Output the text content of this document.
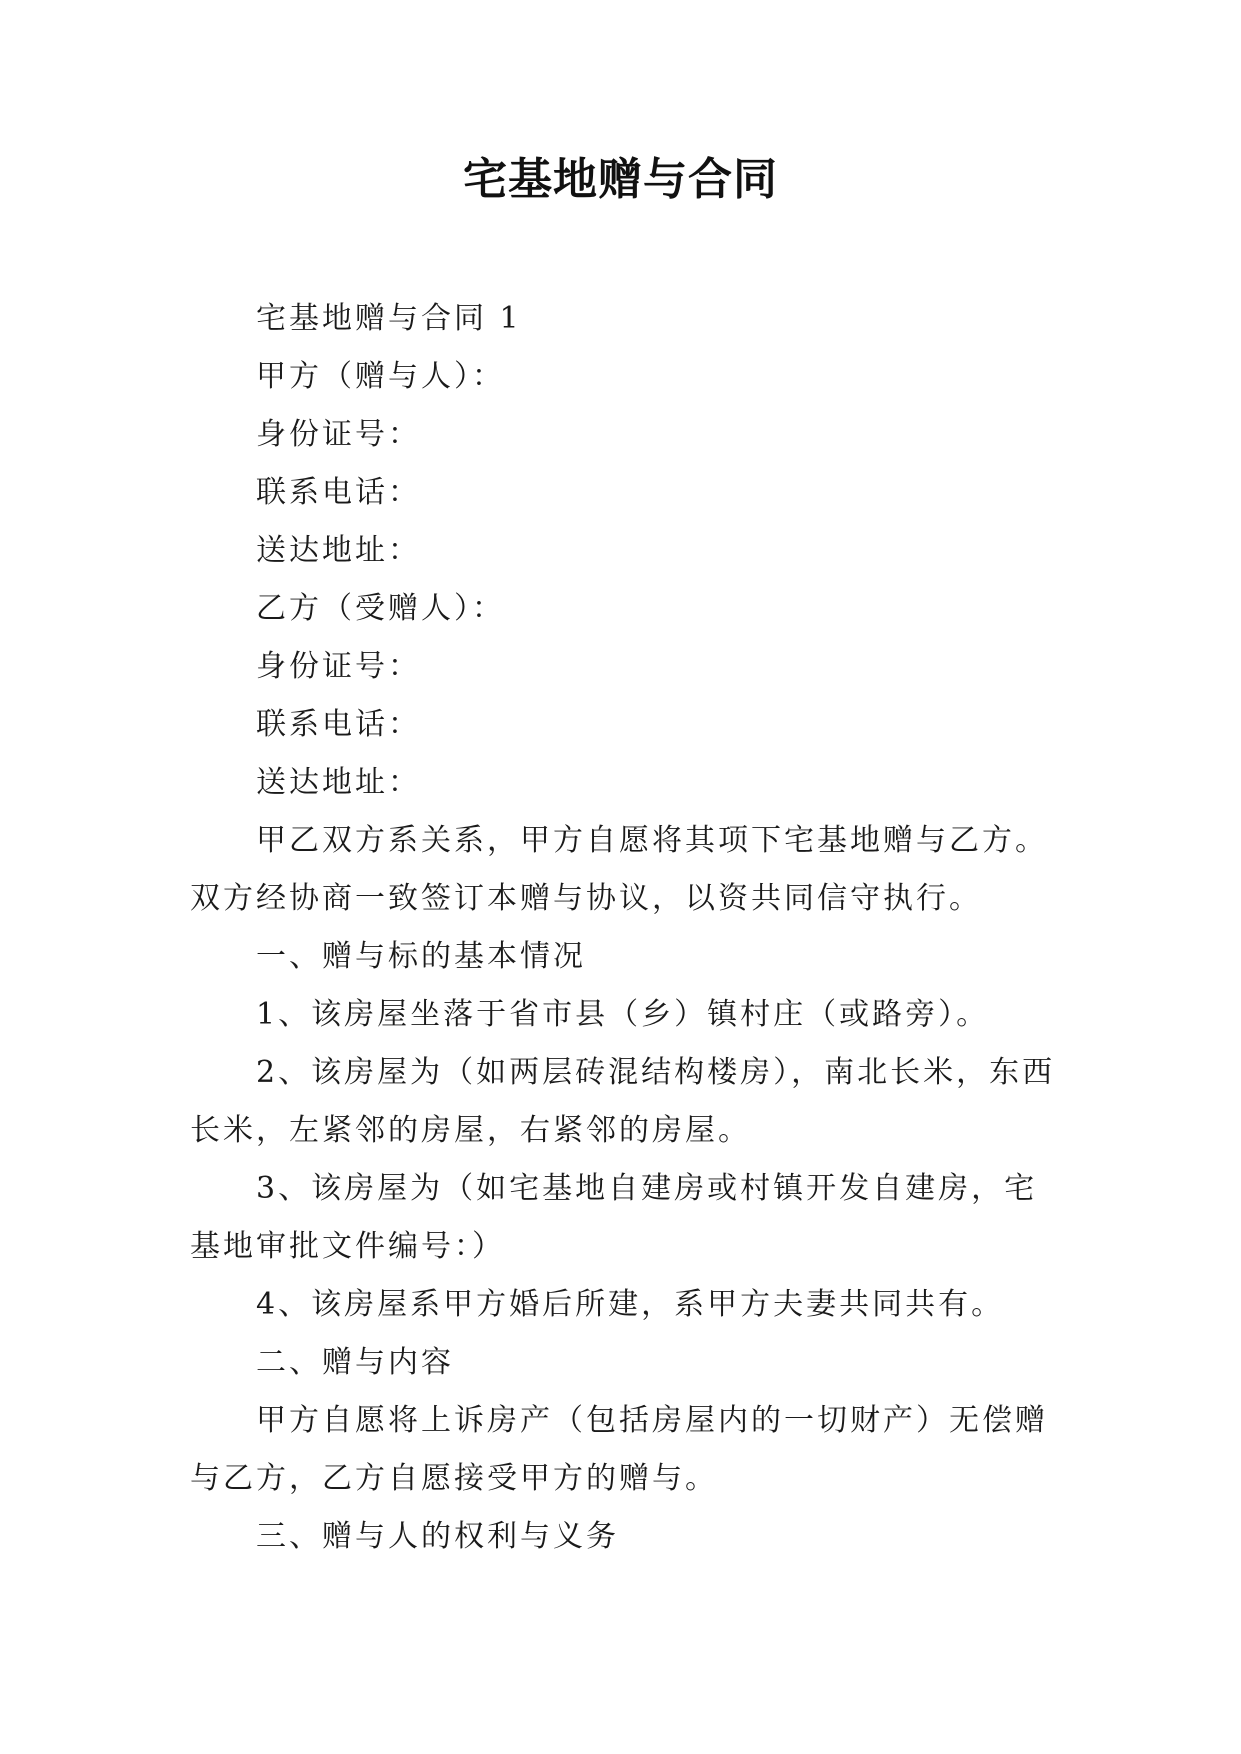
宅基地赠与合同
宅基地赠与合同 1
甲方（赠与人）：
身份证号：
联系电话：
送达地址：
乙方（受赠人）：
身份证号：
联系电话：
送达地址：
甲乙双方系关系，甲方自愿将其项下宅基地赠与乙方。
双方经协商一致签订本赠与协议，以资共同信守执行。
一、赠与标的基本情况
1、该房屋坐落于省市县（乡）镇村庄（或路旁）。
2、该房屋为（如两层砖混结构楼房），南北长米，东西
长米，左紧邻的房屋，右紧邻的房屋。
3、该房屋为（如宅基地自建房或村镇开发自建房，宅
基地审批文件编号：）
4、该房屋系甲方婚后所建，系甲方夫妻共同共有。
二、赠与内容
甲方自愿将上诉房产（包括房屋内的一切财产）无偿赠
与乙方，乙方自愿接受甲方的赠与。
三、赠与人的权利与义务
